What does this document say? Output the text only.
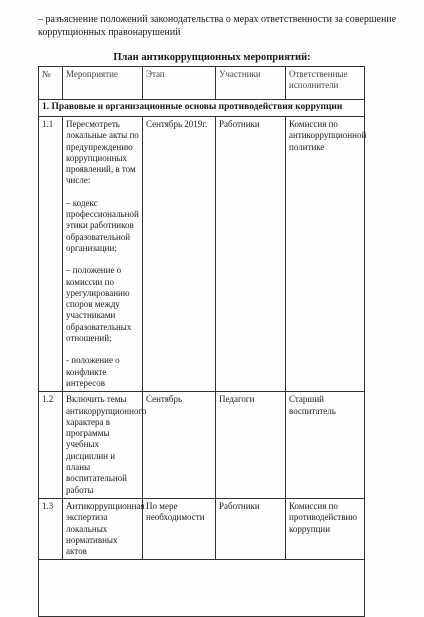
– разъяснение положений законодательства о мерах ответственности за совершение коррупционных правонарушений
План антикоррупционных мероприятий:
№	Мероприятие	Этап	Участники	Ответственные исполнители
1. Правовые и организационные основы противодействия коррупции				
1.1	Пересмотреть локальные акты по предупреждению коррупционных проявлений, в том числе:
– кодекс профессиональной этики работников образовательной организации;
– положение о комиссии по урегулированию споров между участниками образовательных отношений;
- положение о конфликте интересов	Сентябрь 2019г.	Работники	Комиссия по антикоррупционной политике
1.2	Включить темы антикоррупционного характера в программы учебных дисциплин и планы воспитательной работы	Сентябрь	Педагоги	Старший воспитатель
1.3	Антикоррупционная экспертиза локальных нормативных актов	По мере необходимости	Работники	Комиссия по противодействию коррупции
